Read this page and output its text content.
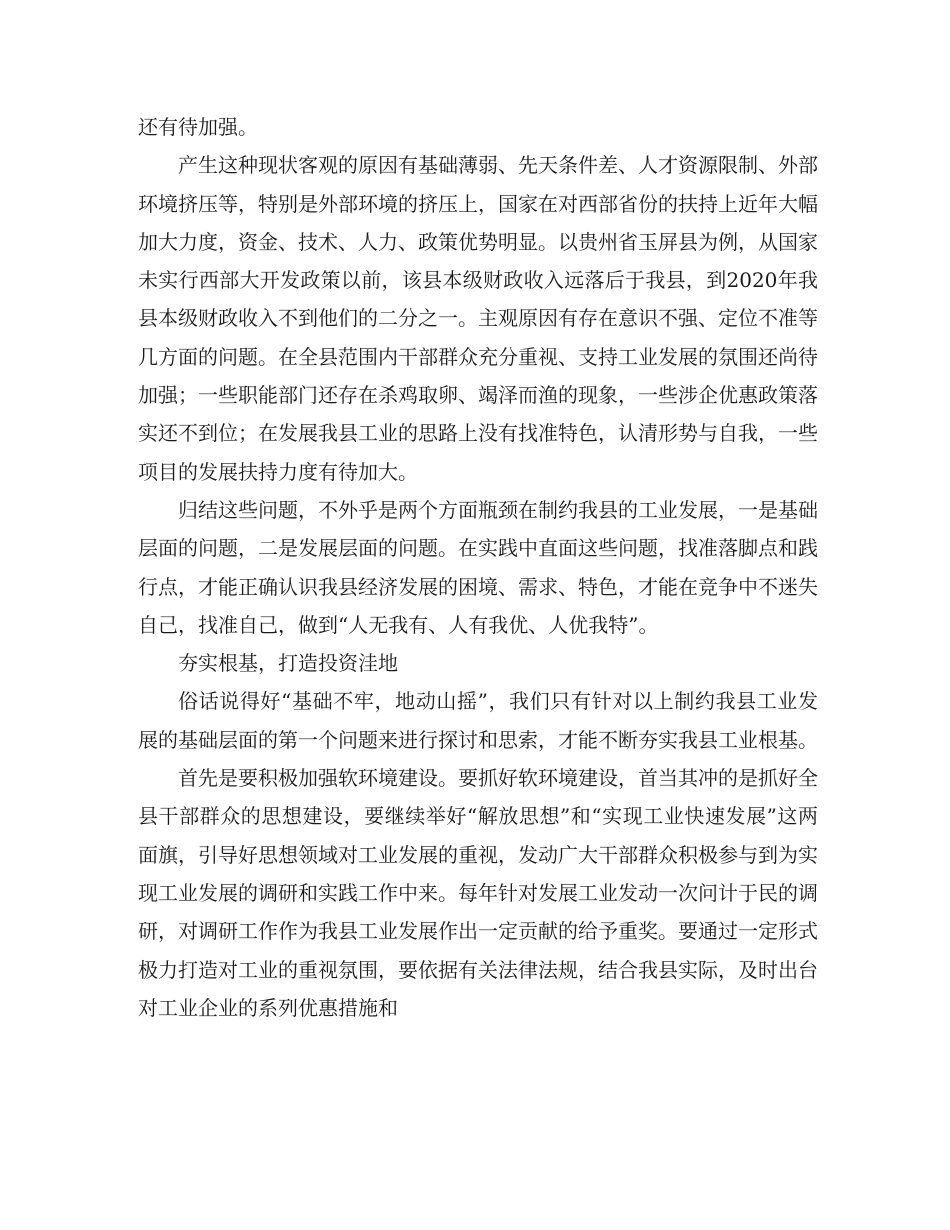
还有待加强。

产生这种现状客观的原因有基础薄弱、先天条件差、人才资源限制、外部环境挤压等，特别是外部环境的挤压上，国家在对西部省份的扶持上近年大幅加大力度，资金、技术、人力、政策优势明显。以贵州省玉屏县为例，从国家未实行西部大开发政策以前，该县本级财政收入远落后于我县，到2020年我县本级财政收入不到他们的二分之一。主观原因有存在意识不强、定位不准等几方面的问题。在全县范围内干部群众充分重视、支持工业发展的氛围还尚待加强；一些职能部门还存在杀鸡取卵、竭泽而渔的现象，一些涉企优惠政策落实还不到位；在发展我县工业的思路上没有找准特色，认清形势与自我，一些项目的发展扶持力度有待加大。

归结这些问题，不外乎是两个方面瓶颈在制约我县的工业发展，一是基础层面的问题，二是发展层面的问题。在实践中直面这些问题，找准落脚点和践行点，才能正确认识我县经济发展的困境、需求、特色，才能在竞争中不迷失自己，找准自己，做到“人无我有、人有我优、人优我特”。

夯实根基，打造投资洼地

俗话说得好“基础不牢，地动山摇”，我们只有针对以上制约我县工业发展的基础层面的第一个问题来进行探讨和思索，才能不断夯实我县工业根基。

首先是要积极加强软环境建设。要抓好软环境建设，首当其冲的是抓好全县干部群众的思想建设，要继续举好“解放思想”和“实现工业快速发展”这两面旗，引导好思想领域对工业发展的重视，发动广大干部群众积极参与到为实现工业发展的调研和实践工作中来。每年针对发展工业发动一次问计于民的调研，对调研工作作为我县工业发展作出一定贡献的给予重奖。要通过一定形式极力打造对工业的重视氛围，要依据有关法律法规，结合我县实际，及时出台对工业企业的系列优惠措施和
